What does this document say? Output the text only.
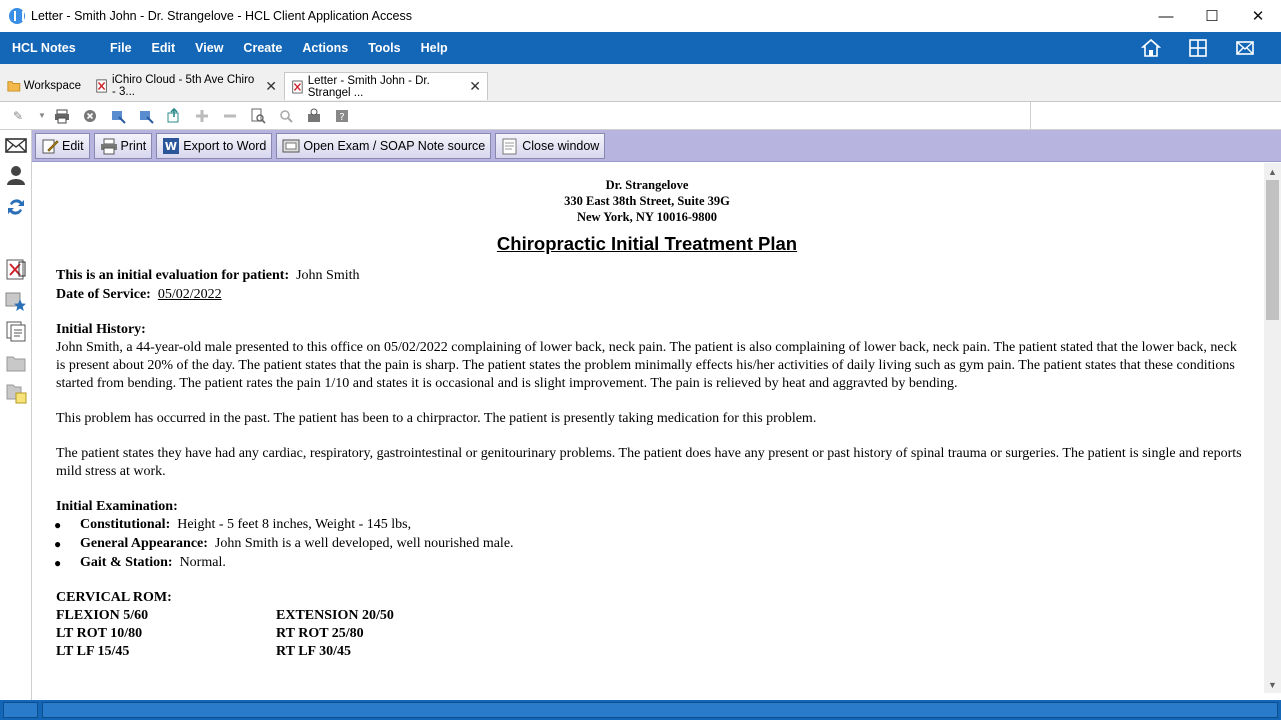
Letter - Smith John - Dr. Strangelove - HCL Client Application Access	—	☐	✕
HCL Notes	File	Edit	View	Create	Actions	Tools	Help
Workspace	iChiro Cloud - 5th Ave Chiro - 3...	✕	Letter - Smith John - Dr. Strangel ...	✕
✎	▼	?
Edit	Print W Export to Word	Open Exam / SOAP Note source	Close window
Dr. Strangelove
330 East 38th Street, Suite 39G
New York, NY 10016-9800
Chiropractic Initial Treatment Plan
This is an initial evaluation for patient: John Smith
Date of Service: 05/02/2022
Initial History:
John Smith, a 44-year-old male presented to this office on 05/02/2022 complaining of lower back, neck pain. The patient is also complaining of lower back, neck pain. The patient stated that the lower back, neck is present about 20% of the day. The patient states that the pain is sharp. The patient states the problem minimally effects his/her activities of daily living such as gym pain. The patient states that these conditions started from bending. The patient rates the pain 1/10 and states it is occasional and is slight improvement. The pain is relieved by heat and aggravted by bending.
This problem has occurred in the past. The patient has been to a chirpractor. The patient is presently taking medication for this problem.
The patient states they have had any cardiac, respiratory, gastrointestinal or genitourinary problems. The patient does have any present or past history of spinal trauma or surgeries. The patient is single and reports mild stress at work.
Initial Examination:
● Constitutional: Height - 5 feet 8 inches, Weight - 145 lbs,
● General Appearance: John Smith is a well developed, well nourished male.
● Gait & Station: Normal.
CERVICAL ROM:
FLEXION 5/60	EXTENSION 20/50
LT ROT 10/80	RT ROT 25/80
LT LF 15/45	RT LF 30/45
▲
▼
